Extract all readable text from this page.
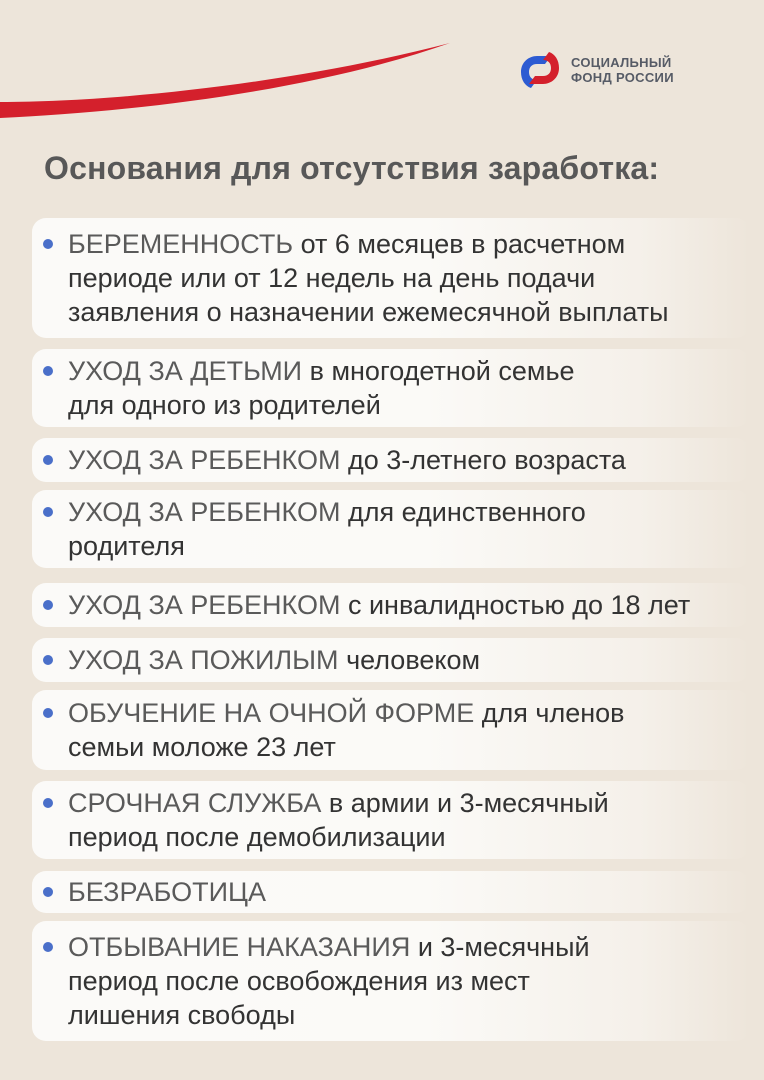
СОЦИАЛЬНЫЙ
ФОНД РОССИИ
Основания для отсутствия заработка:
БЕРЕМЕННОСТЬ от 6 месяцев в расчетном
периоде или от 12 недель на день подачи
заявления о назначении ежемесячной выплаты
УХОД ЗА ДЕТЬМИ в многодетной семье
для одного из родителей
УХОД ЗА РЕБЕНКОМ до 3-летнего возраста
УХОД ЗА РЕБЕНКОМ для единственного
родителя
УХОД ЗА РЕБЕНКОМ с инвалидностью до 18 лет
УХОД ЗА ПОЖИЛЫМ человеком
ОБУЧЕНИЕ НА ОЧНОЙ ФОРМЕ для членов
семьи моложе 23 лет
СРОЧНАЯ СЛУЖБА в армии и 3-месячный
период после демобилизации
БЕЗРАБОТИЦА
ОТБЫВАНИЕ НАКАЗАНИЯ и 3-месячный
период после освобождения из мест
лишения свободы
